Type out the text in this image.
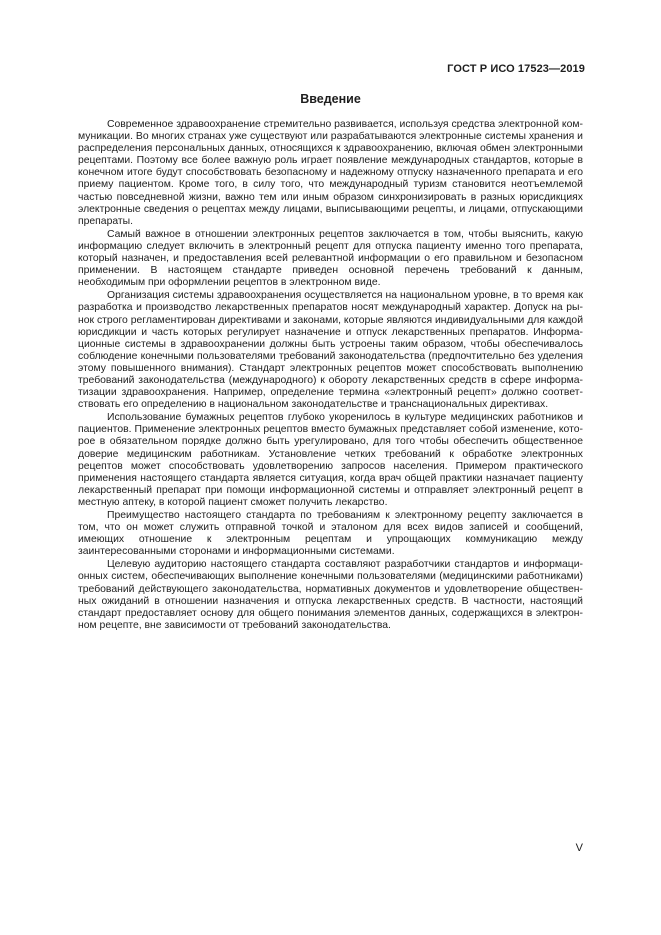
ГОСТ Р ИСО 17523—2019
Введение

Современное здравоохранение стремительно развивается, используя средства электронной коммуникации. Во многих странах уже существуют или разрабатываются электронные системы хранения и распределения персональных данных, относящихся к здравоохранению, включая обмен электронными рецептами. Поэтому все более важную роль играет появление международных стандартов, которые в конечном итоге будут способствовать безопасному и надежному отпуску назначенного препарата и его приему пациентом. Кроме того, в силу того, что международный туризм становится неотъемлемой частью повседневной жизни, важно тем или иным образом синхронизировать в разных юрисдикциях электронные сведения о рецептах между лицами, выписывающими рецепты, и лицами, отпускающими препараты.

Самый важное в отношении электронных рецептов заключается в том, чтобы выяснить, какую информацию следует включить в электронный рецепт для отпуска пациенту именно того препарата, который назначен, и предоставления всей релевантной информации о его правильном и безопасном применении. В настоящем стандарте приведен основной перечень требований к данным, необходимым при оформлении рецептов в электронном виде.

Организация системы здравоохранения осуществляется на национальном уровне, в то время как разработка и производство лекарственных препаратов носят международный характер. Допуск на рынок строго регламентирован директивами и законами, которые являются индивидуальными для каждой юрисдикции и часть которых регулирует назначение и отпуск лекарственных препаратов. Информационные системы в здравоохранении должны быть устроены таким образом, чтобы обеспечивалось соблюдение конечными пользователями требований законодательства (предпочтительно без уделения этому повышенного внимания). Стандарт электронных рецептов может способствовать выполнению требований законодательства (международного) к обороту лекарственных средств в сфере информатизации здравоохранения. Например, определение термина «электронный рецепт» должно соответствовать его определению в национальном законодательстве и транснациональных директивах.

Использование бумажных рецептов глубоко укоренилось в культуре медицинских работников и пациентов. Применение электронных рецептов вместо бумажных представляет собой изменение, которое в обязательном порядке должно быть урегулировано, для того чтобы обеспечить общественное доверие медицинским работникам. Установление четких требований к обработке электронных рецептов может способствовать удовлетворению запросов населения. Примером практического применения настоящего стандарта является ситуация, когда врач общей практики назначает пациенту лекарственный препарат при помощи информационной системы и отправляет электронный рецепт в местную аптеку, в которой пациент сможет получить лекарство.

Преимущество настоящего стандарта по требованиям к электронному рецепту заключается в том, что он может служить отправной точкой и эталоном для всех видов записей и сообщений, имеющих отношение к электронным рецептам и упрощающих коммуникацию между заинтересованными сторонами и информационными системами.

Целевую аудиторию настоящего стандарта составляют разработчики стандартов и информационных систем, обеспечивающих выполнение конечными пользователями (медицинскими работниками) требований действующего законодательства, нормативных документов и удовлетворение общественных ожиданий в отношении назначения и отпуска лекарственных средств. В частности, настоящий стандарт предоставляет основу для общего понимания элементов данных, содержащихся в электронном рецепте, вне зависимости от требований законодательства.

V
